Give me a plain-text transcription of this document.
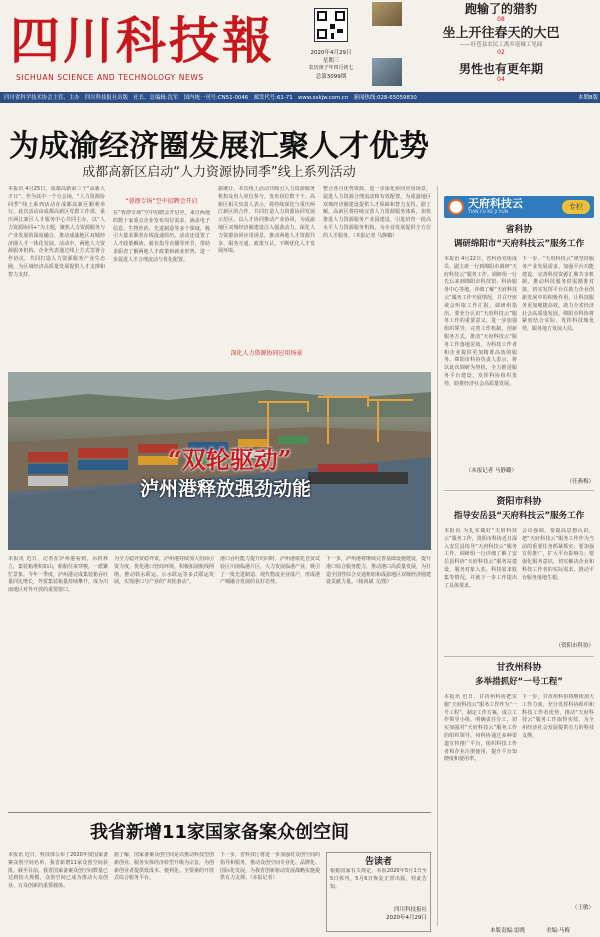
四川科技報
SICHUAN SCIENCE AND TECHNOLOGY NEWS
2020年4月29日
星期三
农历庚子年四月初七
总第3099期
跑输了的猎豹
08
坐上开往春天的大巴
——旺苍县农民工离乡返城工见闻
02
男性也有更年期
04
四川省科学技术协会主管、主办　四川科技报社出版　社长、总编辑:沈军　国内统一刊号:CN51-0046　邮发代号:61-71　www.sxkjw.com.cn　新闻热线:028-65059830	本期8版
为成渝经济圈发展汇聚人才优势
成都高新区启动“人力资源协同季”线上系列活动
本报讯 4月25日，成都高新第三个“高新人才日”。作为其中一个分会场，“人力资源协同季”线上系列活动在成都高新区顺利举行。此次活动由成都高新区党群工作部、重庆两江新区人才服务中心共同主办，以“人力资源协同+”为主题，聚焦人力资源服务与产业发展的深度融合，推动成渝地区双城经济圈人才一体化发展。活动中，两地人力资源服务机构、企业代表通过线上方式签署合作协议，共同打造人力资源服务产业生态圈，为区域经济高质量发展提供人才支撑和智力支持。
在“蓉漂专场”空中招聘会开启中，来自两地的数十家重点企业发布岗位需求，涵盖电子信息、生物医药、先进制造等多个领域，吸引大量求职者在线投递简历。活动还设置了人才政策解读、就业指导直播等环节，帮助求职者了解两地人才政策和就业形势，进一步促进人才合理流动与优化配置。
“蓉漂专场”空中招聘会开启
据统计，本次线上活动共吸引人力资源服务机构及用人单位参与，发布岗位数千个。高新区相关负责人表示，将持续深化与重庆两江新区的合作，共同打造人力资源协同发展示范区，以人才协同推动产业协同，为成渝地区双城经济圈建设注入强劲动力。深化人力资源协同应用场景，推动两地人才资源共享、服务互通、政策互认，不断优化人才发展环境。
整合各自优势资源，进一步深化协同应用场景，促进人力资源合理流动和有效配置，为成渝地区双城经济圈建设提供人才保障和智力支持。据了解，高新区将持续完善人力资源服务体系，加快推进人力资源服务产业园建设，引进培育一批高水平人力资源服务机构，为企业发展提供全方位的人才服务。（本报记者 马静璐）
深化人力资源协同应用场景
“双轮驱动”
泸州港释放强劲动能
本报讯 近日，记者在泸州港看到，吊机林立，集装箱堆积如山，船舶往来穿梭，一派繁忙景象。今年一季度，泸州港完成集装箱吞吐量同比增长，外贸集装箱量持续攀升，成为川南地区对外开放的重要窗口。
为全力稳外贸稳外资，泸州港持续加大招商引资力度，优化港口营商环境，积极拓展航线网络，推动铁水联运、公水联运等多式联运发展，实现港口与产业的“双轮驱动”。
港口吞吐能力提升的同时，泸州港依托自贸试验区川南临港片区，大力发展临港产业，吸引了一批先进制造、现代物流企业落户，形成港产城融合发展的良好态势。
下一步，泸州港将继续完善基础设施建设，提升港口综合服务能力，推动港口高质量发展，为打造全国性综合交通枢纽和成渝地区双城经济圈建设贡献力量。（杨尚斌 文/图）
我省新增11家国家备案众创空间
本报讯 近日，科技部公布了2020年度国家备案众创空间名单，我省新增11家众创空间获批。截至目前，我省国家备案众创空间数量已达到较大规模，众创空间已成为推动大众创业、万众创新的重要载体。
据了解，国家备案众创空间是以推动科技型创新创业、服务实体经济转型升级为宗旨，为创新创业者提供低成本、便利化、全要素的开放式综合服务平台。
下一步，省科技厅将进一步加强对众创空间的指导和服务，推动众创空间专业化、品牌化、国际化发展，为我省创新驱动发展战略实施提供有力支撑。（本报记者）
告读者
根据国家有关规定，本报2020年5月1日至5日休刊，5月6日恢复正常出版，特此告知。
四川科技报社
2020年4月29日
天府科技云
TIAN FU KE JI YUN
专栏
省科协
调研绵阳市“天府科技云”服务工作
本报讯 4月22日，省科协党组成员、副主席一行到绵阳市调研“天府科技云”服务工作。调研组一行先后来到绵阳市科技馆、科协服务中心等地，详细了解“天府科技云”服务工作开展情况，并召开座谈会听取工作汇报。调研组指出，要充分认识“天府科技云”服务工作的重要意义，进一步加强组织领导，完善工作机制，创新服务方式，推动“天府科技云”服务工作落地见效，为科技工作者和企业提供更加精准高效的服务。绵阳市科协负责人表示，将以此次调研为契机，全力推进服务平台建设，发挥科协组织优势，助推经济社会高质量发展。
（本报记者 马静璐）
下一步，“天府科技云”将坚持服务产业发展需求，加强平台功能建设，完善科技资源汇聚共享机制，推动科技服务供需精准对接，切实发挥平台在助力企业创新发展中的积极作用，让科技服务更加便捷高效，助力全省经济社会高质量发展。绵阳市科协将紧密结合实际，发挥科技城优势，服务地方发展大局。
（任燕梅）
资阳市科协
指导安岳县“天府科技云”服务工作
本报讯 为扎实做好“天府科技云”服务工作，资阳市科协近日深入安岳县指导“天府科技云”服务工作。调研组一行详细了解了安岳县科协“天府科技云”服务站建设、服务对象入驻、科技需求收集等情况，并就下一步工作提出了具体要求。
会议强调，要提高思想认识，把“天府科技云”服务工作作为当前的重要任务抓紧抓实；要加强宣传推广，扩大平台影响力；要强化服务意识，切实解决企业和科技工作者的实际需求，推动平台服务落地生根。
（资阳市科协）
甘孜州科协
多举措抓好“一号工程”
本报讯 近日，甘孜州科协把实施“天府科技云”服务工作作为“一号工程”，制定工作方案，成立工作领导小组，明确责任分工，切实加强对“天府科技云”服务工作的组织领导。州科协通过多种渠道宣传推广平台，组织科技工作者和企业注册使用，提升平台知晓度和使用率。
下一步，甘孜州科协将继续加大工作力度，充分发挥科协组织和科技工作者优势，推动“天府科技云”服务工作取得实效，为全州经济社会发展提供有力的科技支撑。
（王敏）
本版责编:雷晓	美编:马梅
